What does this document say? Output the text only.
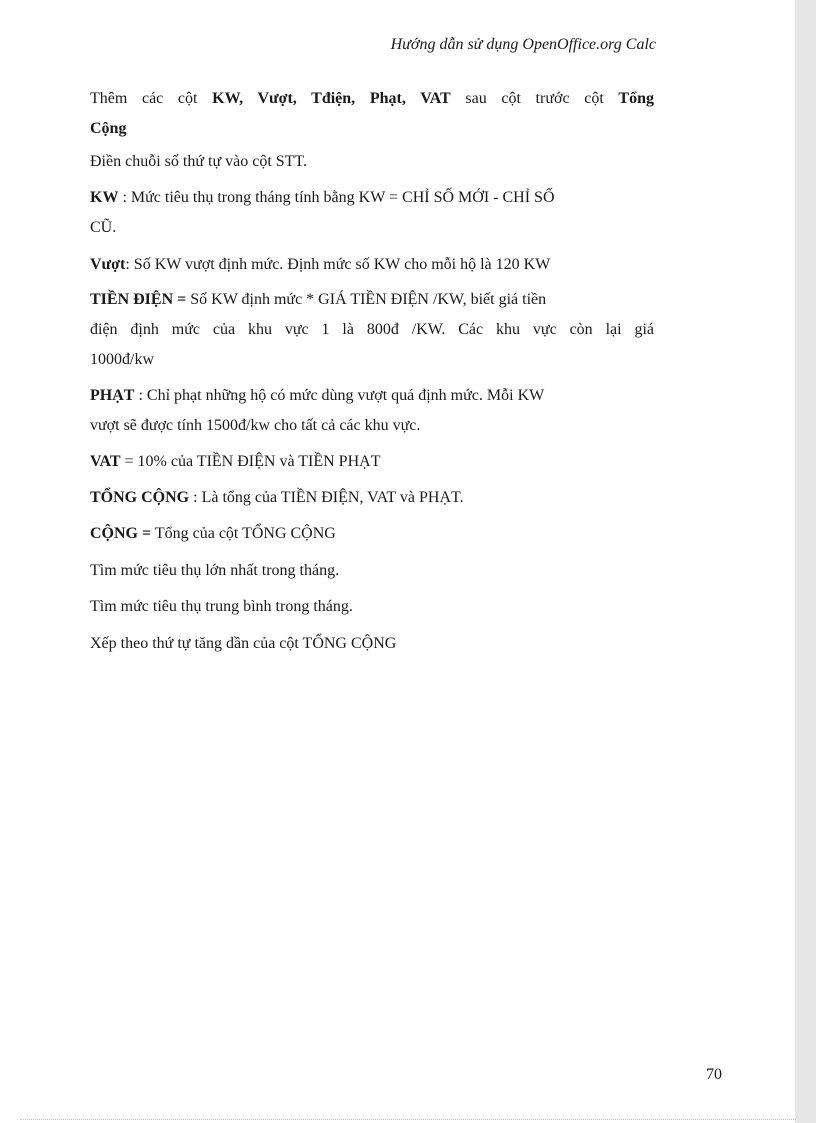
Hướng dẫn sử dụng OpenOffice.org Calc
Thêm các cột KW, Vượt, Tđiện, Phạt, VAT sau cột trước cột Tổng
Cộng
Điền chuỗi số thứ tự vào cột STT.
KW : Mức tiêu thụ trong tháng tính bằng KW = CHỈ SỐ MỚI - CHỈ SỐ
CŨ.
Vượt: Số KW vượt định mức. Định mức số KW cho mỗi hộ là 120 KW
TIỀN ĐIỆN = Số KW định mức * GIÁ TIỀN ĐIỆN /KW, biết giá tiền
điện định mức của khu vực 1 là 800đ /KW. Các khu vực còn lại giá
1000đ/kw
PHẠT : Chỉ phạt những hộ có mức dùng vượt quá định mức. Mỗi KW
vượt sẽ được tính 1500đ/kw cho tất cả các khu vực.
VAT = 10% của TIỀN ĐIỆN và TIỀN PHẠT
TỔNG CỘNG : Là tổng của TIỀN ĐIỆN, VAT và PHẠT.
CỘNG = Tổng của cột TỔNG CỘNG
Tìm mức tiêu thụ lớn nhất trong tháng.
Tìm mức tiêu thụ trung bình trong tháng.
Xếp theo thứ tự tăng dần của cột TỔNG CỘNG
70
